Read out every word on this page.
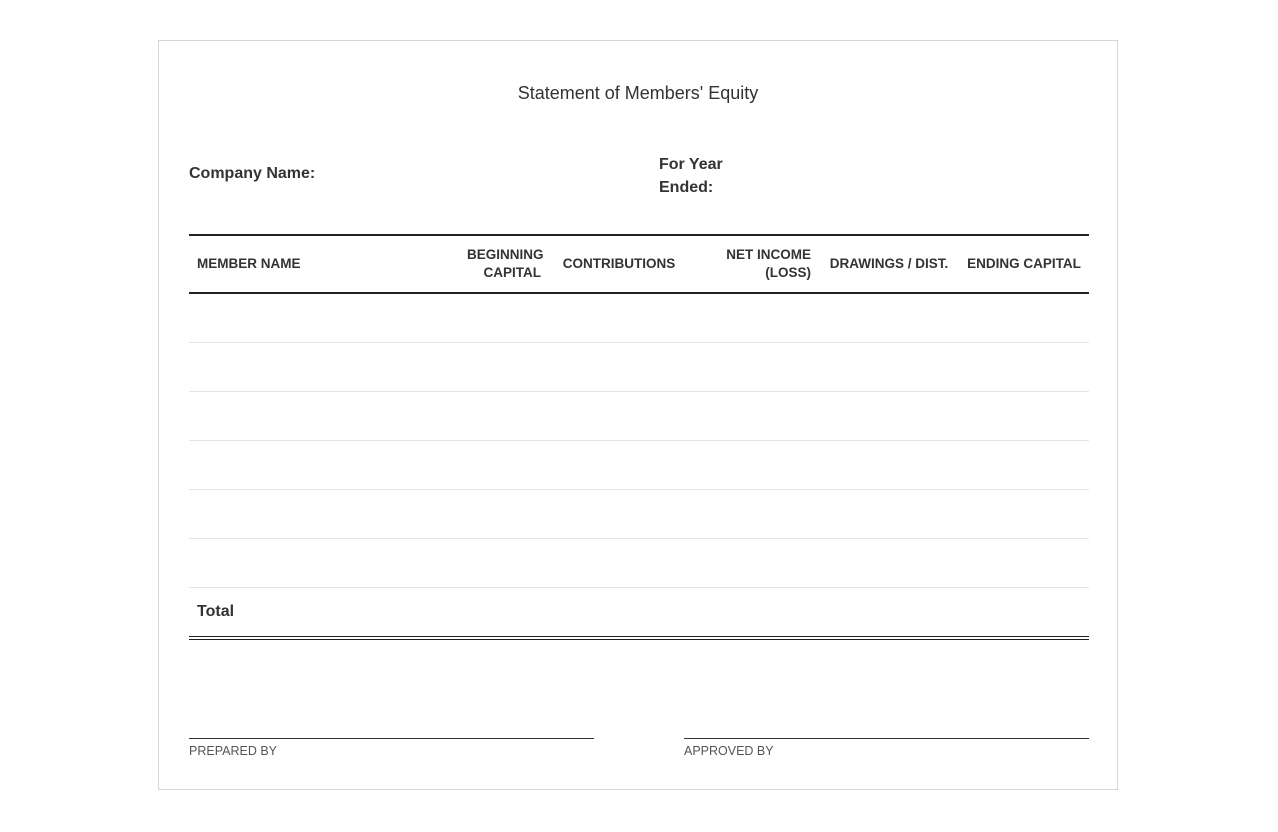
Statement of Members' Equity
Company Name:
For Year Ended:
MEMBER NAME	BEGINNING CAPITAL	CONTRIBUTIONS	NET INCOME (LOSS)	DRAWINGS / DIST.	ENDING CAPITAL

Total					
PREPARED BY	APPROVED BY
